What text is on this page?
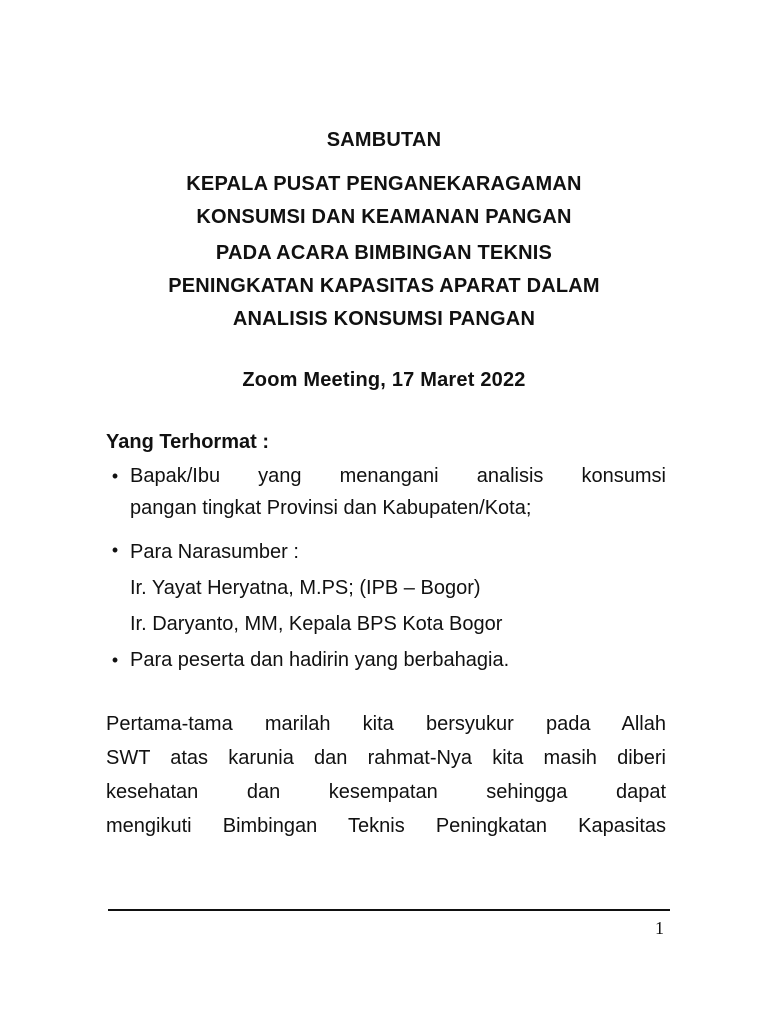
SAMBUTAN
KEPALA PUSAT PENGANEKARAGAMAN
KONSUMSI DAN KEAMANAN PANGAN
PADA ACARA BIMBINGAN TEKNIS
PENINGKATAN KAPASITAS APARAT DALAM
ANALISIS KONSUMSI PANGAN
Zoom Meeting, 17 Maret 2022
Yang Terhormat :
• Bapak/Ibu yang menangani analisis konsumsi
pangan tingkat Provinsi dan Kabupaten/Kota;
• Para Narasumber :
Ir. Yayat Heryatna, M.PS; (IPB – Bogor)
Ir. Daryanto, MM, Kepala BPS Kota Bogor
• Para peserta dan hadirin yang berbahagia.
Pertama-tama marilah kita bersyukur pada Allah
SWT atas karunia dan rahmat-Nya kita masih diberi
kesehatan dan kesempatan sehingga dapat
mengikuti Bimbingan Teknis Peningkatan Kapasitas
1
